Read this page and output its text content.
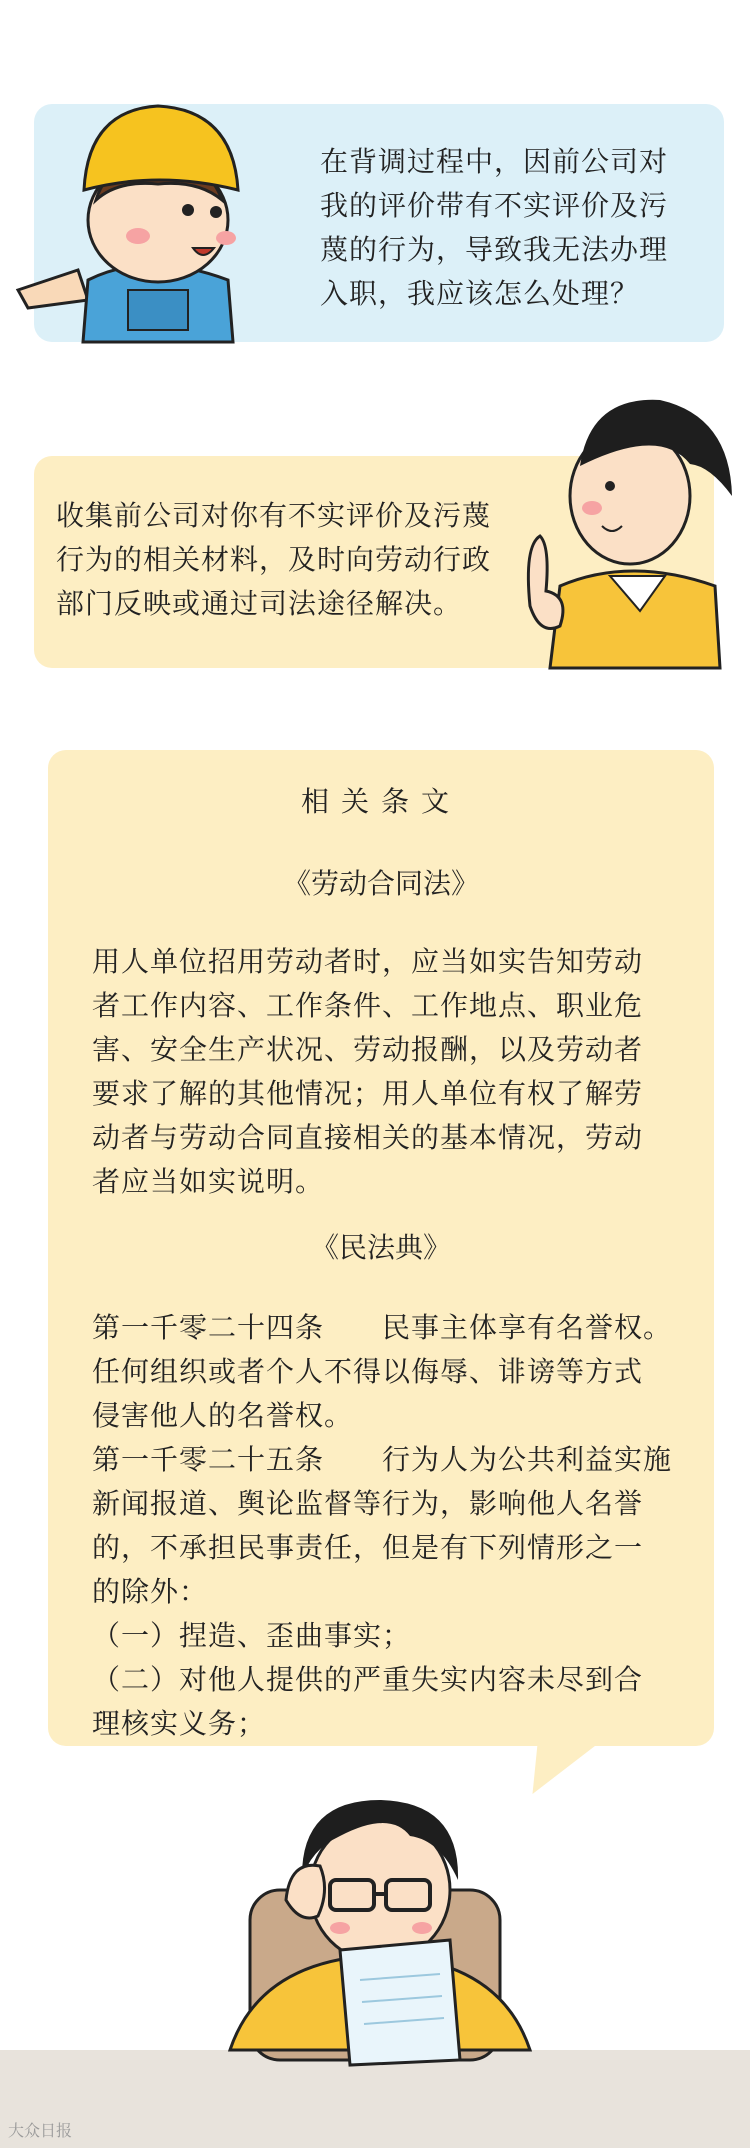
在背调过程中，因前公司对
我的评价带有不实评价及污
蔑的行为，导致我无法办理
入职，我应该怎么处理？
收集前公司对你有不实评价及污蔑
行为的相关材料，及时向劳动行政
部门反映或通过司法途径解决。
相关条文
《劳动合同法》
用人单位招用劳动者时，应当如实告知劳动
者工作内容、工作条件、工作地点、职业危
害、安全生产状况、劳动报酬，以及劳动者
要求了解的其他情况；用人单位有权了解劳
动者与劳动合同直接相关的基本情况，劳动
者应当如实说明。
《民法典》
第一千零二十四条　　民事主体享有名誉权。
任何组织或者个人不得以侮辱、诽谤等方式
侵害他人的名誉权。
第一千零二十五条　　行为人为公共利益实施
新闻报道、舆论监督等行为，影响他人名誉
的，不承担民事责任，但是有下列情形之一
的除外：
（一）捏造、歪曲事实；
（二）对他人提供的严重失实内容未尽到合
理核实义务；
大众日报
